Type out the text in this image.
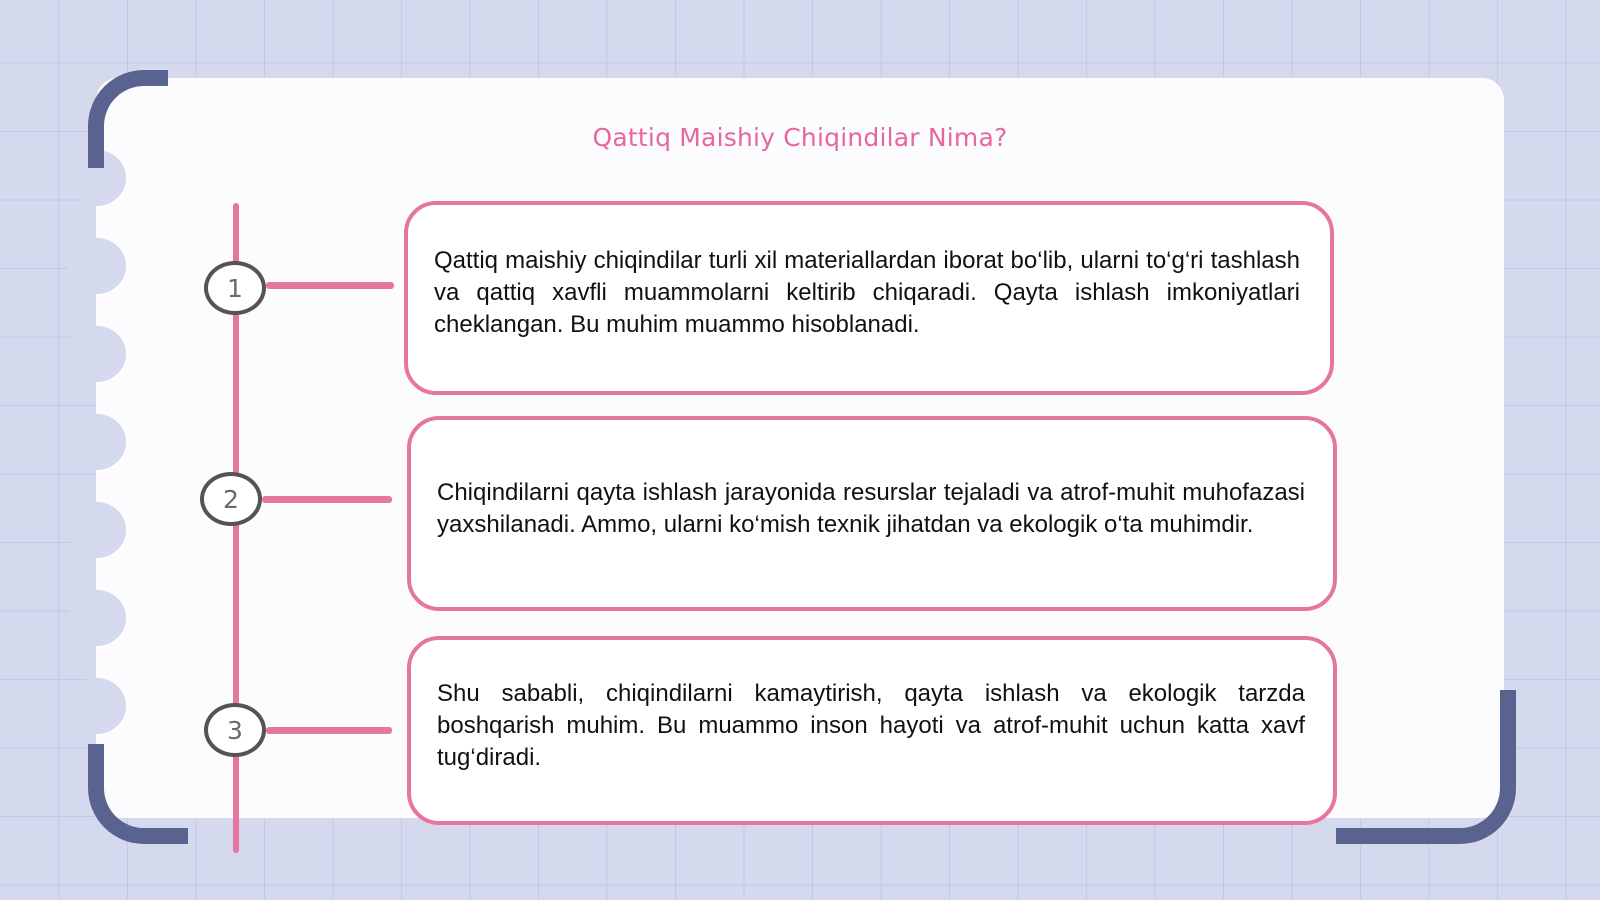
Qattiq Maishiy Chiqindilar Nima?
1
2
3

Qattiq maishiy chiqindilar turli xil materiallardan iborat bo‘lib, ularni to‘g‘ri tashlash va qattiq xavfli muammolarni keltirib chiqaradi. Qayta ishlash imkoniyatlari cheklangan. Bu muhim muammo hisoblanadi.

Chiqindilarni qayta ishlash jarayonida resurslar tejaladi va atrof-muhit muhofazasi yaxshilanadi. Ammo, ularni ko‘mish texnik jihatdan va ekologik o‘ta muhimdir.

Shu sababli, chiqindilarni kamaytirish, qayta ishlash va ekologik tarzda boshqarish muhim. Bu muammo inson hayoti va atrof-muhit uchun katta xavf tug‘diradi.
